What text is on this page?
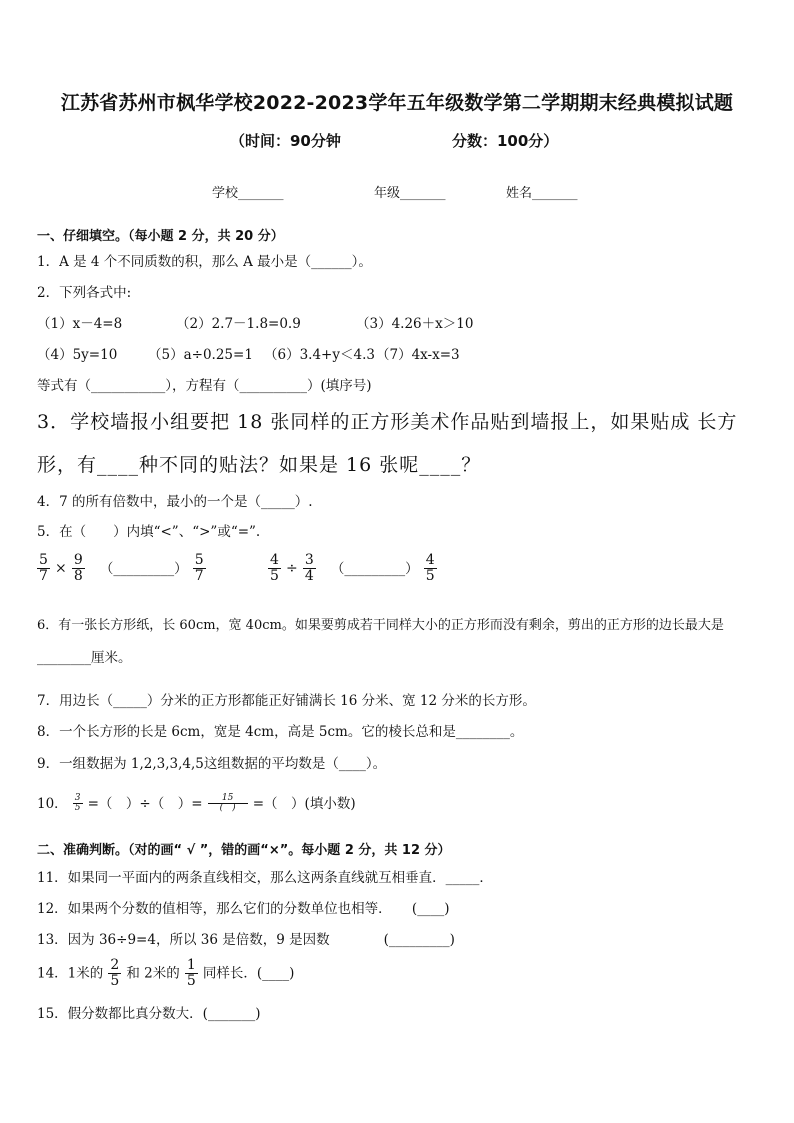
江苏省苏州市枫华学校2022-2023学年五年级数学第二学期期末经典模拟试题
（时间：90分钟	分数：100分）
学校_______	年级_______	姓名_______
一、仔细填空。（每小题 2 分，共 20 分）
1．A 是 4 个不同质数的积，那么 A 最小是（______）。
2．下列各式中:
（1）x－4=8	（2）2.7－1.8=0.9	（3）4.26＋x＞10
（4）5y=10 （5）a÷0.25=1 （6）3.4+y＜4.3 （7）4x-x=3
等式有（___________），方程有（__________）(填序号)
3．学校墙报小组要把 18 张同样的正方形美术作品贴到墙报上，如果贴成 长方
形，有____种不同的贴法？如果是 16 张呢____？
4．7 的所有倍数中，最小的一个是（_____）.
5．在（　　）内填“<”、“>”或“=”.
$\frac{5}{7} \times \frac{9}{8}$ （_________） $\frac{5}{7}$	$\frac{4}{5} \div \frac{3}{4}$ （_________） $\frac{4}{5}$
6．有一张长方形纸，长 60cm，宽 40cm。如果要剪成若干同样大小的正方形而没有剩余，剪出的正方形的边长最大是
________厘米。
7．用边长（_____）分米的正方形都能正好铺满长 16 分米、宽 12 分米的长方形。
8．一个长方形的长是 6cm，宽是 4cm，高是 5cm。它的棱长总和是________。
9．一组数据为 1,2,3,3,4,5这组数据的平均数是（____）。
10． $\frac{3}{5}$ =（　）÷（　）= $\frac{15}{( )}$ =（　）(填小数)
二、准确判断。（对的画“ √ ”，错的画“×”。每小题 2 分，共 12 分）
11．如果同一平面内的两条直线相交，那么这两条直线就互相垂直．_____．
12．如果两个分数的值相等，那么它们的分数单位也相等．　　(____)
13．因为 36÷9=4，所以 36 是倍数，9 是因数　　　　(_________)
14．1米的 $\frac{2}{5}$ 和 2米的 $\frac{1}{5}$ 同样长．(____)
15．假分数都比真分数大．(_______)
